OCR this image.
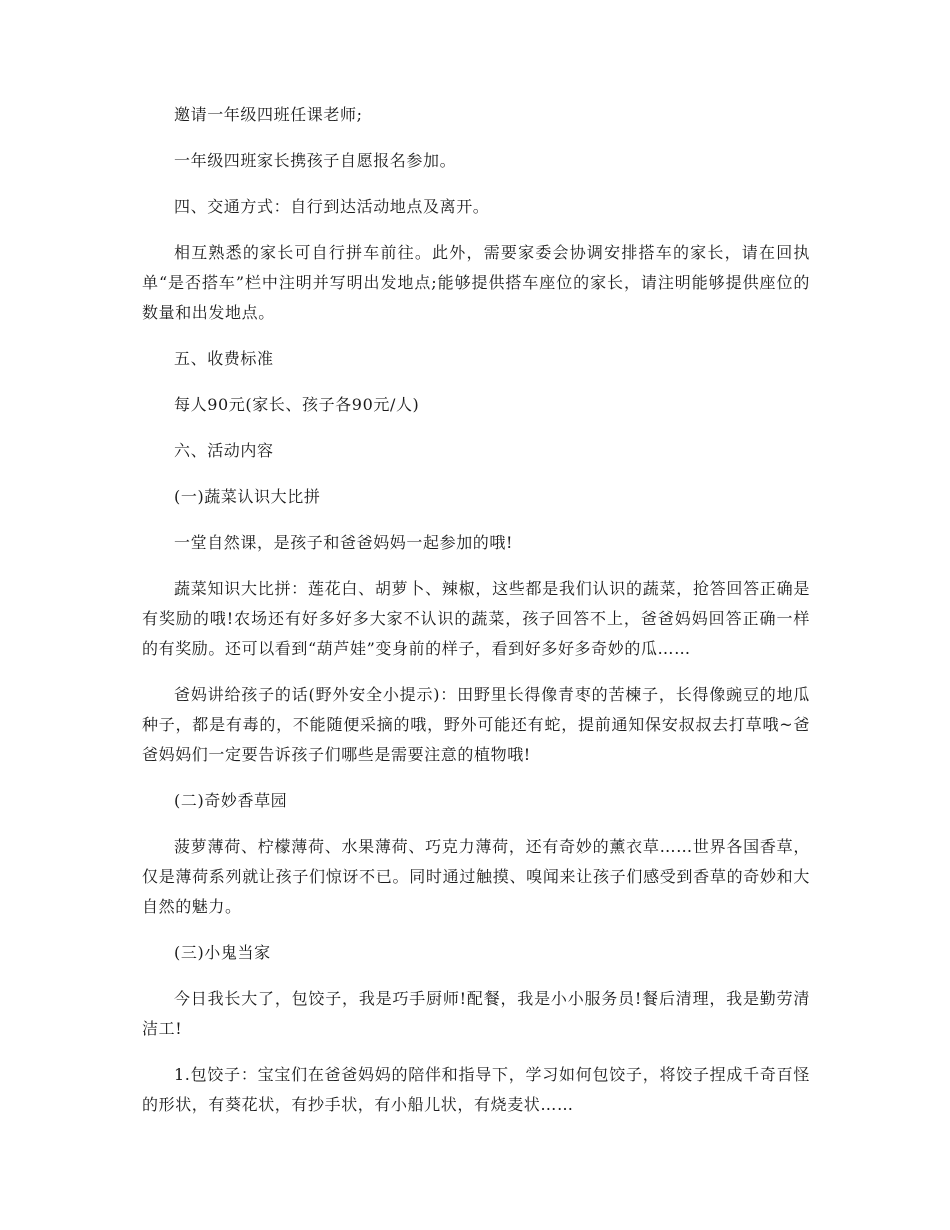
邀请一年级四班任课老师;

一年级四班家长携孩子自愿报名参加。

四、交通方式：自行到达活动地点及离开。

相互熟悉的家长可自行拼车前往。此外，需要家委会协调安排搭车的家长，请在回执单“是否搭车”栏中注明并写明出发地点;能够提供搭车座位的家长，请注明能够提供座位的数量和出发地点。

五、收费标准

每人90元(家长、孩子各90元/人)

六、活动内容

(一)蔬菜认识大比拼

一堂自然课，是孩子和爸爸妈妈一起参加的哦!

蔬菜知识大比拼：莲花白、胡萝卜、辣椒，这些都是我们认识的蔬菜，抢答回答正确是有奖励的哦!农场还有好多好多大家不认识的蔬菜，孩子回答不上，爸爸妈妈回答正确一样的有奖励。还可以看到“葫芦娃”变身前的样子，看到好多好多奇妙的瓜……

爸妈讲给孩子的话(野外安全小提示)：田野里长得像青枣的苦楝子，长得像豌豆的地瓜种子，都是有毒的，不能随便采摘的哦，野外可能还有蛇，提前通知保安叔叔去打草哦~爸爸妈妈们一定要告诉孩子们哪些是需要注意的植物哦!

(二)奇妙香草园

菠萝薄荷、柠檬薄荷、水果薄荷、巧克力薄荷，还有奇妙的薰衣草……世界各国香草，仅是薄荷系列就让孩子们惊讶不已。同时通过触摸、嗅闻来让孩子们感受到香草的奇妙和大自然的魅力。

(三)小鬼当家

今日我长大了，包饺子，我是巧手厨师!配餐，我是小小服务员!餐后清理，我是勤劳清洁工!

1.包饺子：宝宝们在爸爸妈妈的陪伴和指导下，学习如何包饺子，将饺子捏成千奇百怪的形状，有葵花状，有抄手状，有小船儿状，有烧麦状……
